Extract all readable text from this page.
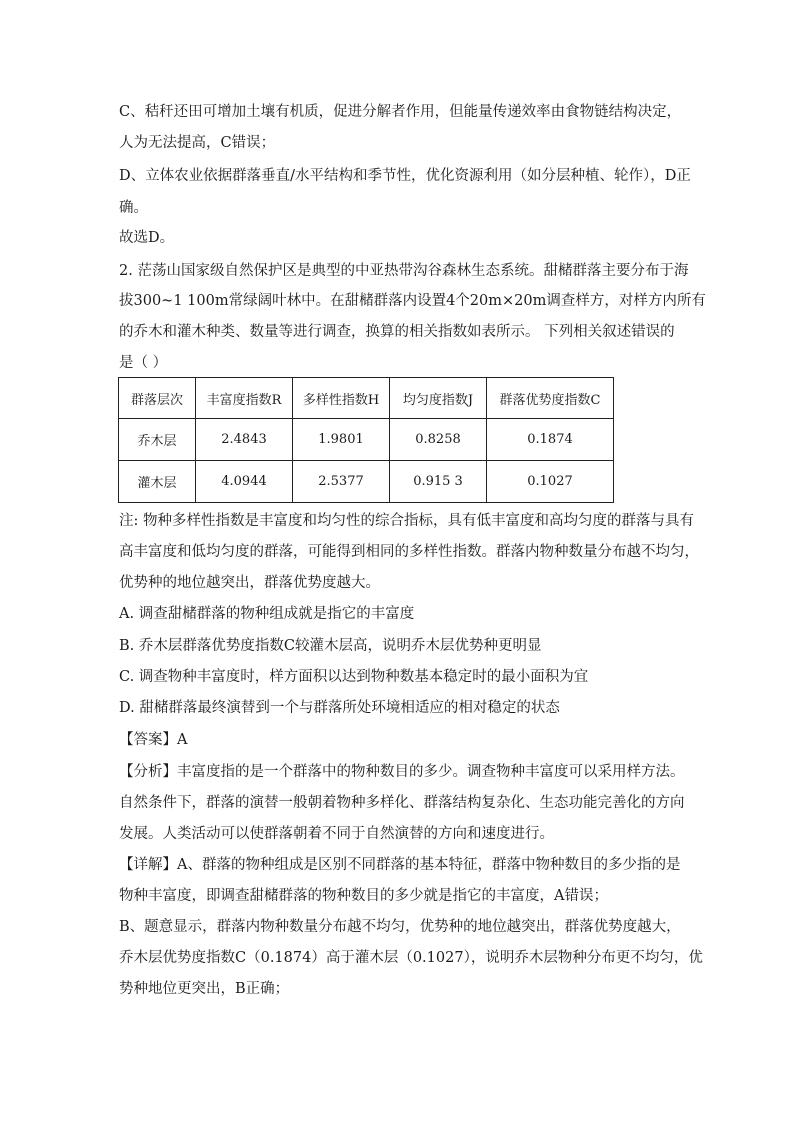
C、秸秆还田可增加土壤有机质，促进分解者作用，但能量传递效率由食物链结构决定，
人为无法提高，C错误；
D、立体农业依据群落垂直/水平结构和季节性，优化资源利用（如分层种植、轮作），D正
确。
故选D。
2. 茫荡山国家级自然保护区是典型的中亚热带沟谷森林生态系统。甜槠群落主要分布于海
拔300~1 100m常绿阔叶林中。在甜槠群落内设置4个20m×20m调查样方，对样方内所有
的乔木和灌木种类、数量等进行调查，换算的相关指数如表所示。 下列相关叙述错误的
是（ ）
群落层次	丰富度指数R	多样性指数H	均匀度指数J	群落优势度指数C
乔木层	2.4843	1.9801	0.8258	0.1874
灌木层	4.0944	2.5377	0.915 3	0.1027
注: 物种多样性指数是丰富度和均匀性的综合指标，具有低丰富度和高均匀度的群落与具有
高丰富度和低均匀度的群落，可能得到相同的多样性指数。群落内物种数量分布越不均匀，
优势种的地位越突出，群落优势度越大。
A. 调查甜槠群落的物种组成就是指它的丰富度
B. 乔木层群落优势度指数C较灌木层高，说明乔木层优势种更明显
C. 调查物种丰富度时，样方面积以达到物种数基本稳定时的最小面积为宜
D. 甜槠群落最终演替到一个与群落所处环境相适应的相对稳定的状态
【答案】A
【分析】丰富度指的是一个群落中的物种数目的多少。调查物种丰富度可以采用样方法。
自然条件下，群落的演替一般朝着物种多样化、群落结构复杂化、生态功能完善化的方向
发展。人类活动可以使群落朝着不同于自然演替的方向和速度进行。
【详解】A、群落的物种组成是区别不同群落的基本特征，群落中物种数目的多少指的是
物种丰富度，即调查甜槠群落的物种数目的多少就是指它的丰富度，A错误；
B、题意显示，群落内物种数量分布越不均匀，优势种的地位越突出，群落优势度越大，
乔木层优势度指数C（0.1874）高于灌木层（0.1027），说明乔木层物种分布更不均匀，优
势种地位更突出，B正确；
